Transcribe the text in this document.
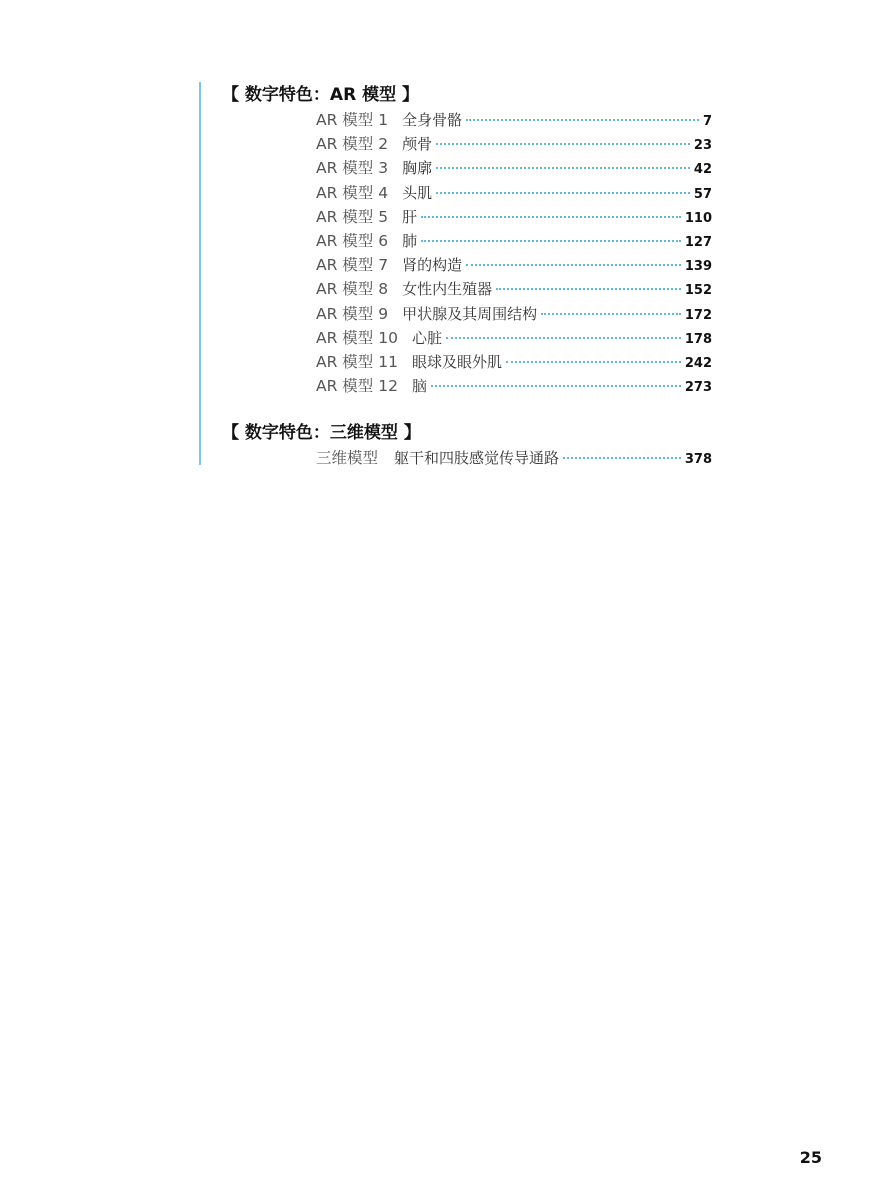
【 数字特色：AR 模型 】
AR 模型 1 全身骨骼	7
AR 模型 2 颅骨	23
AR 模型 3 胸廓	42
AR 模型 4 头肌	57
AR 模型 5 肝	110
AR 模型 6 肺	127
AR 模型 7 肾的构造	139
AR 模型 8 女性内生殖器	152
AR 模型 9 甲状腺及其周围结构	172
AR 模型 10 心脏	178
AR 模型 11 眼球及眼外肌	242
AR 模型 12 脑	273
【 数字特色：三维模型 】
三维模型 躯干和四肢感觉传导通路	378
25
